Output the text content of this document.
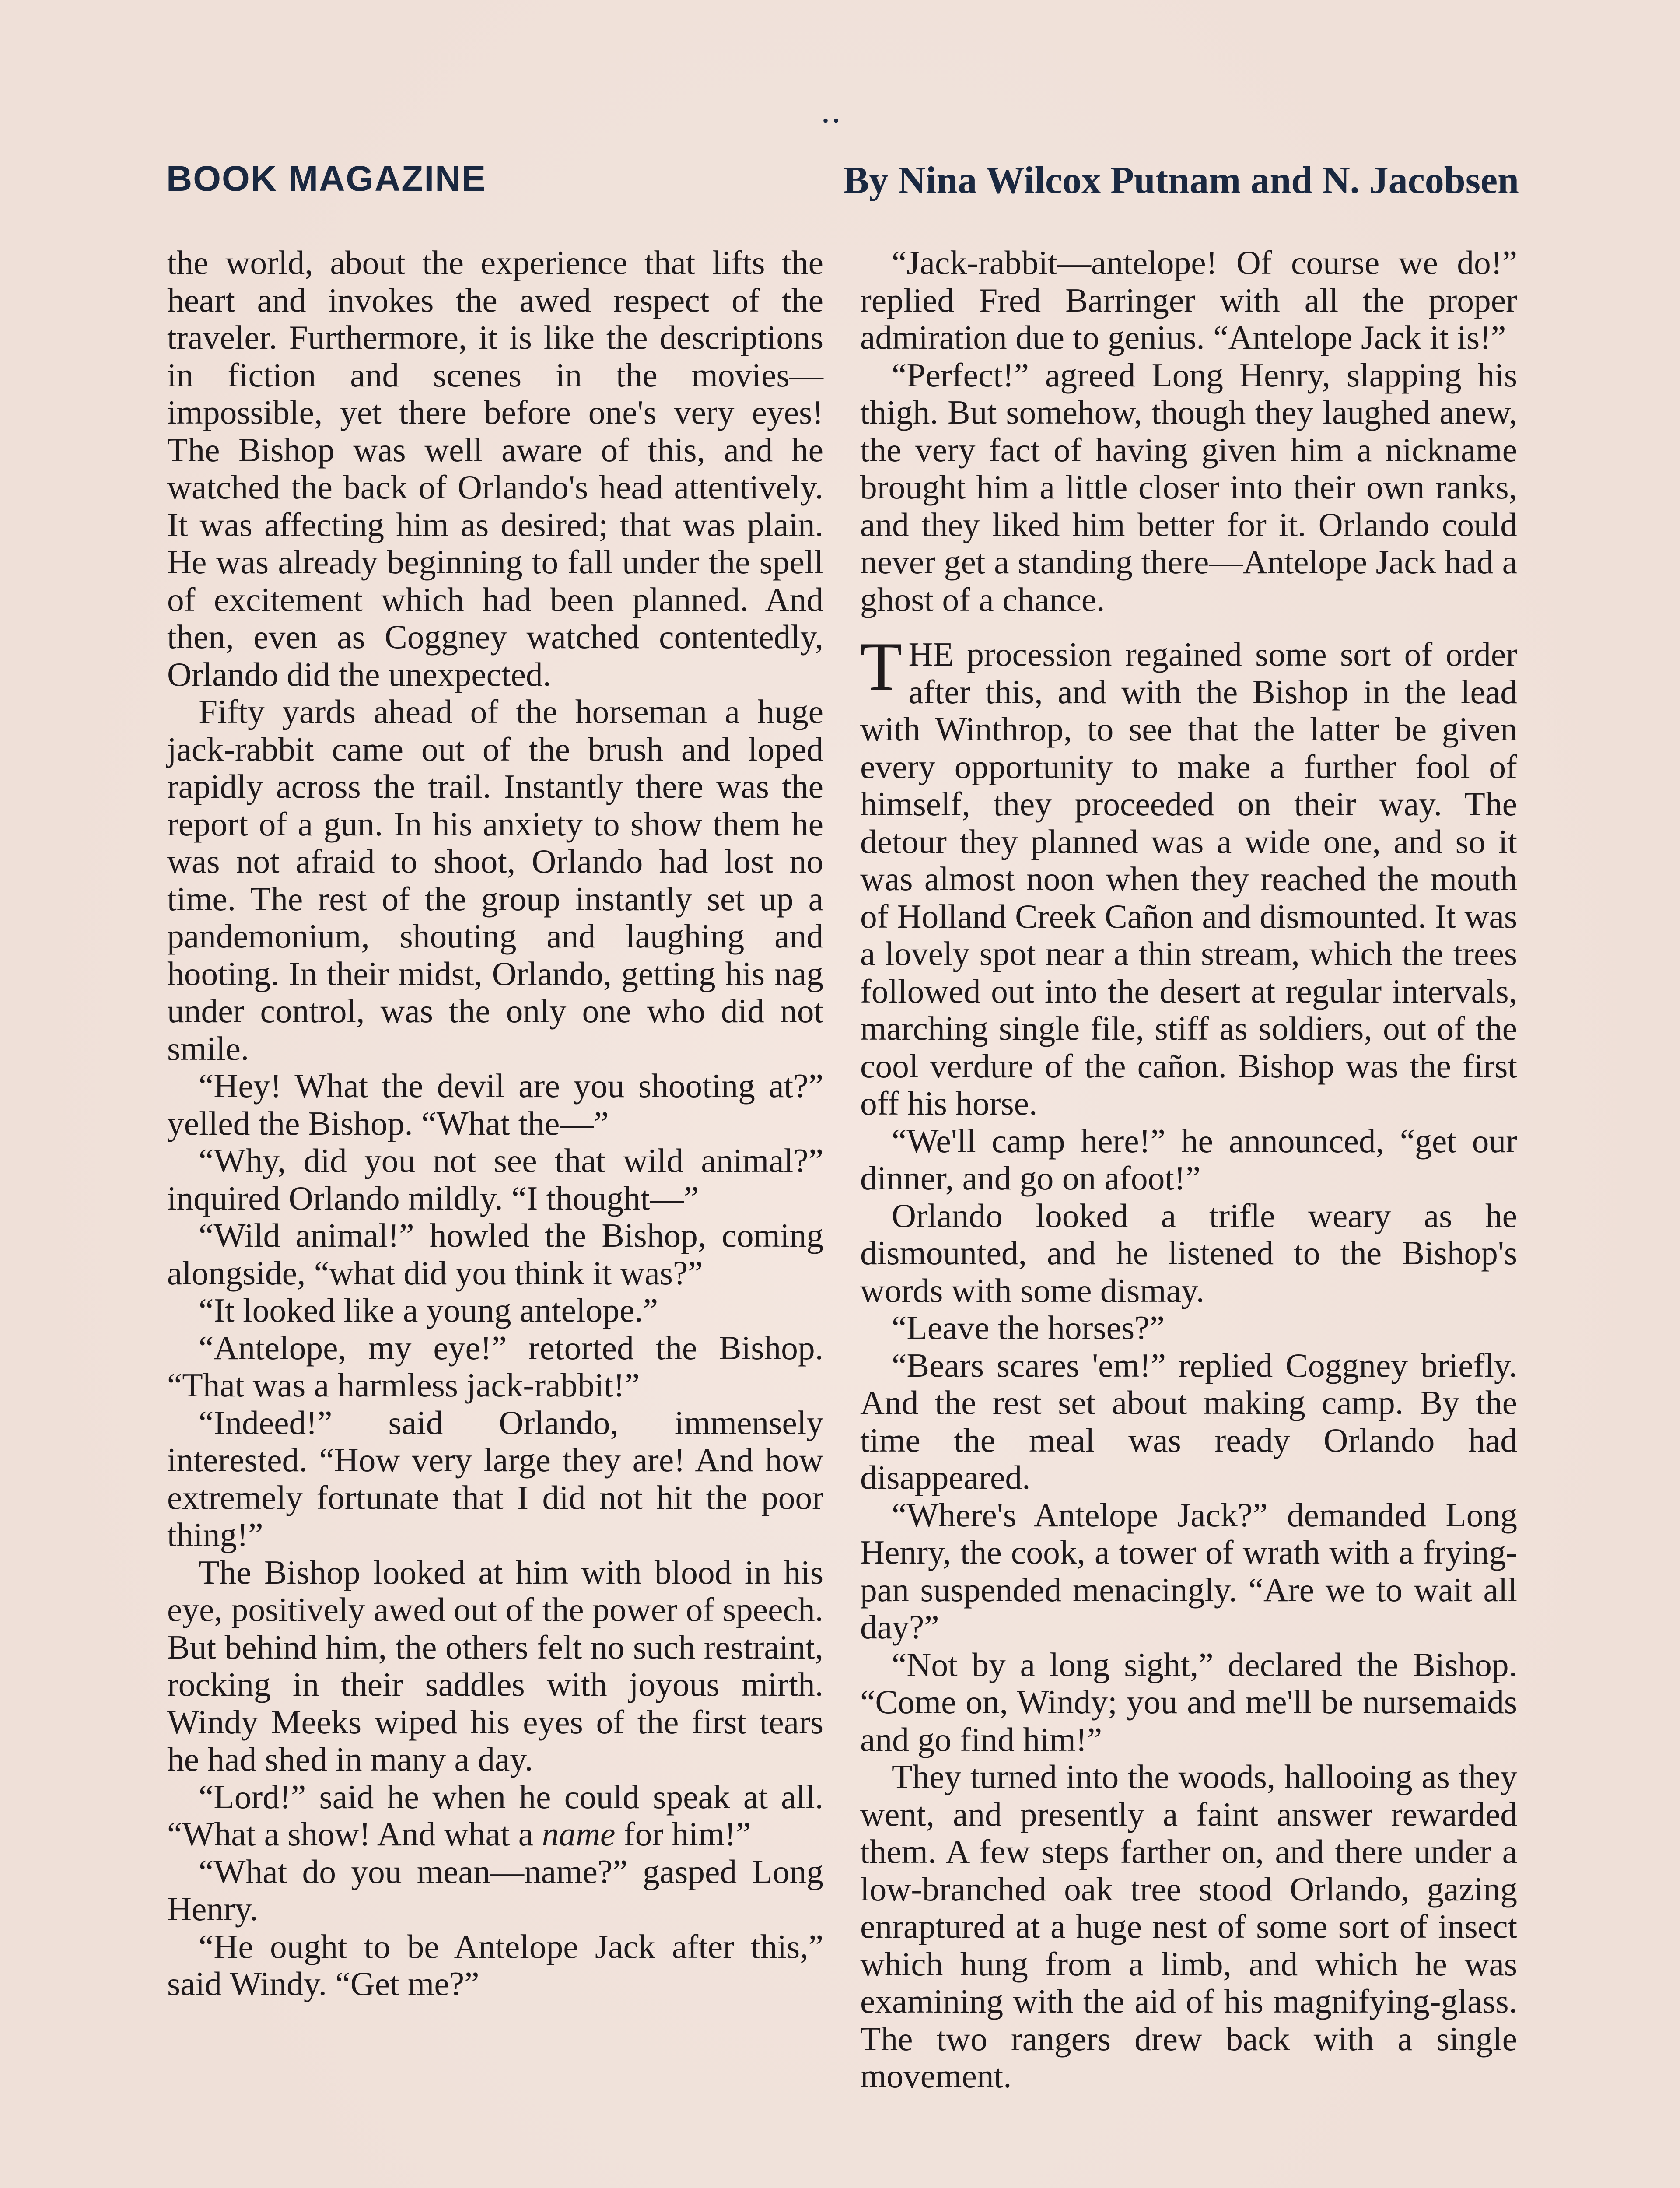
• •
BOOK MAGAZINE	By Nina Wilcox Putnam and N. Jacobsen

the world, about the experience that lifts the heart and invokes the awed respect of the traveler. Furthermore, it is like the descriptions in fiction and scenes in the movies—impossible, yet there before one's very eyes! The Bishop was well aware of this, and he watched the back of Orlando's head attentively. It was affecting him as desired; that was plain. He was already beginning to fall under the spell of excitement which had been planned. And then, even as Coggney watched contentedly, Orlando did the unexpected.

Fifty yards ahead of the horseman a huge jack-rabbit came out of the brush and loped rapidly across the trail. Instantly there was the report of a gun. In his anxiety to show them he was not afraid to shoot, Orlando had lost no time. The rest of the group instantly set up a pandemonium, shouting and laughing and hooting. In their midst, Orlando, getting his nag under control, was the only one who did not smile.

“Hey! What the devil are you shooting at?” yelled the Bishop. “What the—”

“Why, did you not see that wild animal?” inquired Orlando mildly. “I thought—”

“Wild animal!” howled the Bishop, coming alongside, “what did you think it was?”

“It looked like a young antelope.”

“Antelope, my eye!” retorted the Bishop. “That was a harmless jack-rabbit!”

“Indeed!” said Orlando, immensely interested. “How very large they are! And how extremely fortunate that I did not hit the poor thing!”

The Bishop looked at him with blood in his eye, positively awed out of the power of speech. But behind him, the others felt no such restraint, rocking in their saddles with joyous mirth. Windy Meeks wiped his eyes of the first tears he had shed in many a day.

“Lord!” said he when he could speak at all. “What a show! And what a name for him!”

“What do you mean—name?” gasped Long Henry.

“He ought to be Antelope Jack after this,” said Windy. “Get me?”

“Jack-rabbit—antelope! Of course we do!” replied Fred Barringer with all the proper admiration due to genius. “Antelope Jack it is!”

“Perfect!” agreed Long Henry, slapping his thigh. But somehow, though they laughed anew, the very fact of having given him a nickname brought him a little closer into their own ranks, and they liked him better for it. Orlando could never get a standing there—Antelope Jack had a ghost of a chance.

THE procession regained some sort of order after this, and with the Bishop in the lead with Winthrop, to see that the latter be given every opportunity to make a further fool of himself, they proceeded on their way. The detour they planned was a wide one, and so it was almost noon when they reached the mouth of Holland Creek Cañon and dismounted. It was a lovely spot near a thin stream, which the trees followed out into the desert at regular intervals, marching single file, stiff as soldiers, out of the cool verdure of the cañon. Bishop was the first off his horse.

“We'll camp here!” he announced, “get our dinner, and go on afoot!”

Orlando looked a trifle weary as he dismounted, and he listened to the Bishop's words with some dismay.

“Leave the horses?”

“Bears scares 'em!” replied Coggney briefly. And the rest set about making camp. By the time the meal was ready Orlando had disappeared.

“Where's Antelope Jack?” demanded Long Henry, the cook, a tower of wrath with a frying-pan suspended menacingly. “Are we to wait all day?”

“Not by a long sight,” declared the Bishop. “Come on, Windy; you and me'll be nursemaids and go find him!”

They turned into the woods, hallooing as they went, and presently a faint answer rewarded them. A few steps farther on, and there under a low-branched oak tree stood Orlando, gazing enraptured at a huge nest of some sort of insect which hung from a limb, and which he was examining with the aid of his magnifying-glass. The two rangers drew back with a single movement.
